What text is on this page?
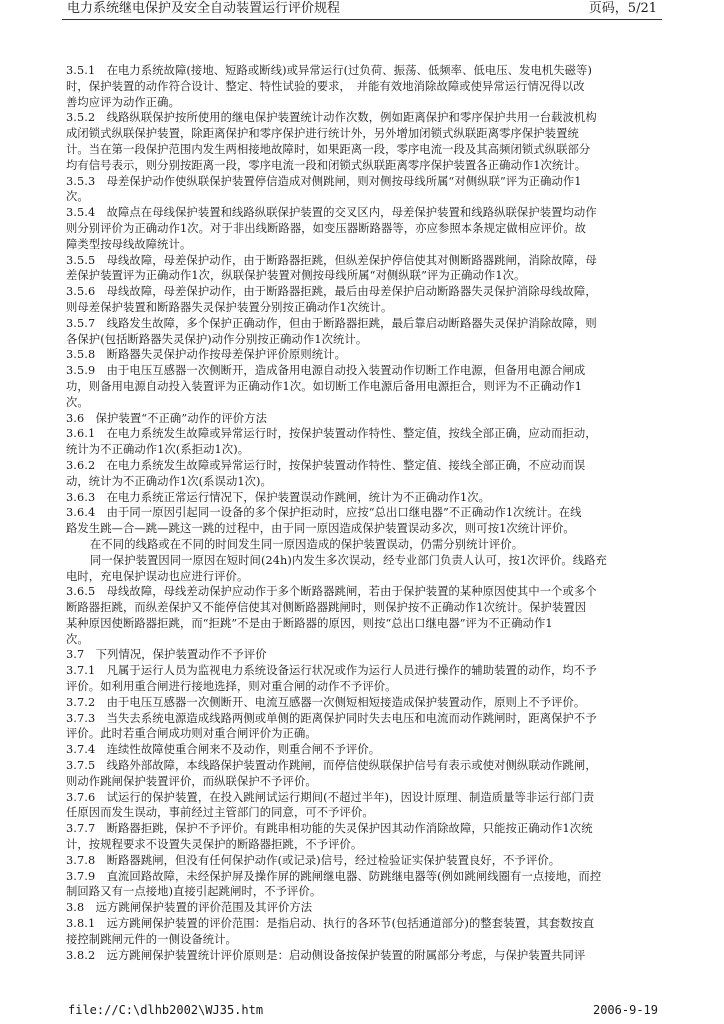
电力系统继电保护及安全自动装置运行评价规程	页码，5/21
3.5.1　在电力系统故障(接地、短路或断线)或异常运行(过负荷、振荡、低频率、低电压、发电机失磁等)
时，保护装置的动作符合设计、整定、特性试验的要求，　并能有效地消除故障或使异常运行情况得以改
善均应评为动作正确。
3.5.2　线路纵联保护按所使用的继电保护装置统计动作次数，例如距离保护和零序保护共用一台载波机构
成闭锁式纵联保护装置，除距离保护和零序保护进行统计外，另外增加闭锁式纵联距离零序保护装置统
计。当在第一段保护范围内发生两相接地故障时，如果距离一段，零序电流一段及其高频闭锁式纵联部分
均有信号表示，则分别按距离一段，零序电流一段和闭锁式纵联距离零序保护装置各正确动作1次统计。
3.5.3　母差保护动作使纵联保护装置停信造成对侧跳闸，则对侧按母线所属“对侧纵联”评为正确动作1
次。
3.5.4　故障点在母线保护装置和线路纵联保护装置的交叉区内，母差保护装置和线路纵联保护装置均动作
则分别评价为正确动作1次。对于非出线断路器，如变压器断路器等，亦应参照本条规定做相应评价。故
障类型按母线故障统计。
3.5.5　母线故障，母差保护动作，由于断路器拒跳，但纵差保护停信使其对侧断路器跳闸，消除故障，母
差保护装置评为正确动作1次，纵联保护装置对侧按母线所属“对侧纵联”评为正确动作1次。
3.5.6　母线故障，母差保护动作，由于断路器拒跳，最后由母差保护启动断路器失灵保护消除母线故障，
则母差保护装置和断路器失灵保护装置分别按正确动作1次统计。
3.5.7　线路发生故障，多个保护正确动作，但由于断路器拒跳，最后靠启动断路器失灵保护消除故障，则
各保护(包括断路器失灵保护)动作分别按正确动作1次统计。
3.5.8　断路器失灵保护动作按母差保护评价原则统计。
3.5.9　由于电压互感器一次侧断开，造成备用电源自动投入装置动作切断工作电源，但备用电源合闸成
功，则备用电源自动投入装置评为正确动作1次。如切断工作电源后备用电源拒合，则评为不正确动作1
次。
3.6　保护装置“不正确”动作的评价方法
3.6.1　在电力系统发生故障或异常运行时，按保护装置动作特性、整定值，按线全部正确，应动而拒动，
统计为不正确动作1次(系拒动1次)。
3.6.2　在电力系统发生故障或异常运行时，按保护装置动作特性、整定值、接线全部正确，不应动而误
动，统计为不正确动作1次(系误动1次)。
3.6.3　在电力系统正常运行情况下，保护装置误动作跳闸，统计为不正确动作1次。
3.6.4　由于同一原因引起同一设备的多个保护拒动时，应按“总出口继电器”不正确动作1次统计。在线
路发生跳—合—跳—跳这一跳的过程中，由于同一原因造成保护装置误动多次，则可按1次统计评价。
在不同的线路或在不同的时间发生同一原因造成的保护装置误动，仍需分别统计评价。
同一保护装置因同一原因在短时间(24h)内发生多次误动，经专业部门负责人认可，按1次评价。线路充
电时，充电保护误动也应进行评价。
3.6.5　母线故障，母线差动保护应动作于多个断路器跳闸，若由于保护装置的某种原因使其中一个或多个
断路器拒跳，而纵差保护又不能停信使其对侧断路器跳闸时，则保护按不正确动作1次统计。保护装置因
某种原因使断路器拒跳，而“拒跳”不是由于断路器的原因，则按“总出口继电器”评为不正确动作1
次。
3.7　下列情况，保护装置动作不予评价
3.7.1　凡属于运行人员为监视电力系统设备运行状况或作为运行人员进行操作的辅助装置的动作，均不予
评价。如利用重合闸进行接地选择，则对重合闸的动作不予评价。
3.7.2　由于电压互感器一次侧断开、电流互感器一次侧短相短接造成保护装置动作，原则上不予评价。
3.7.3　当失去系统电源造成线路两侧或单侧的距离保护同时失去电压和电流而动作跳闸时，距离保护不予
评价。此时若重合闸成功则对重合闸评价为正确。
3.7.4　连续性故障使重合闸来不及动作，则重合闸不予评价。
3.7.5　线路外部故障，本线路保护装置动作跳闸，而停信使纵联保护信号有表示或使对侧纵联动作跳闸，
则动作跳闸保护装置评价，而纵联保护不予评价。
3.7.6　试运行的保护装置，在投入跳闸试运行期间(不超过半年)，因设计原理、制造质量等非运行部门责
任原因而发生误动，事前经过主管部门的同意，可不予评价。
3.7.7　断路器拒跳，保护不予评价。有跳串相功能的失灵保护因其动作消除故障，只能按正确动作1次统
计，按规程要求不设置失灵保护的断路器拒跳，不予评价。
3.7.8　断路器跳闸，但没有任何保护动作(或记录)信号，经过检验证实保护装置良好，不予评价。
3.7.9　直流回路故障，未经保护屏及操作屏的跳闸继电器、防跳继电器等(例如跳闸线圈有一点接地，而控
制回路又有一点接地)直接引起跳闸时，不予评价。
3.8　远方跳闸保护装置的评价范围及其评价方法
3.8.1　远方跳闸保护装置的评价范围：是指启动、执行的各环节(包括通道部分)的整套装置，其套数按直
接控制跳闸元件的一侧设备统计。
3.8.2　远方跳闸保护装置统计评价原则是：启动侧设备按保护装置的附属部分考虑，与保护装置共同评
file://C:\dlhb2002\WJ35.htm	2006-9-19
